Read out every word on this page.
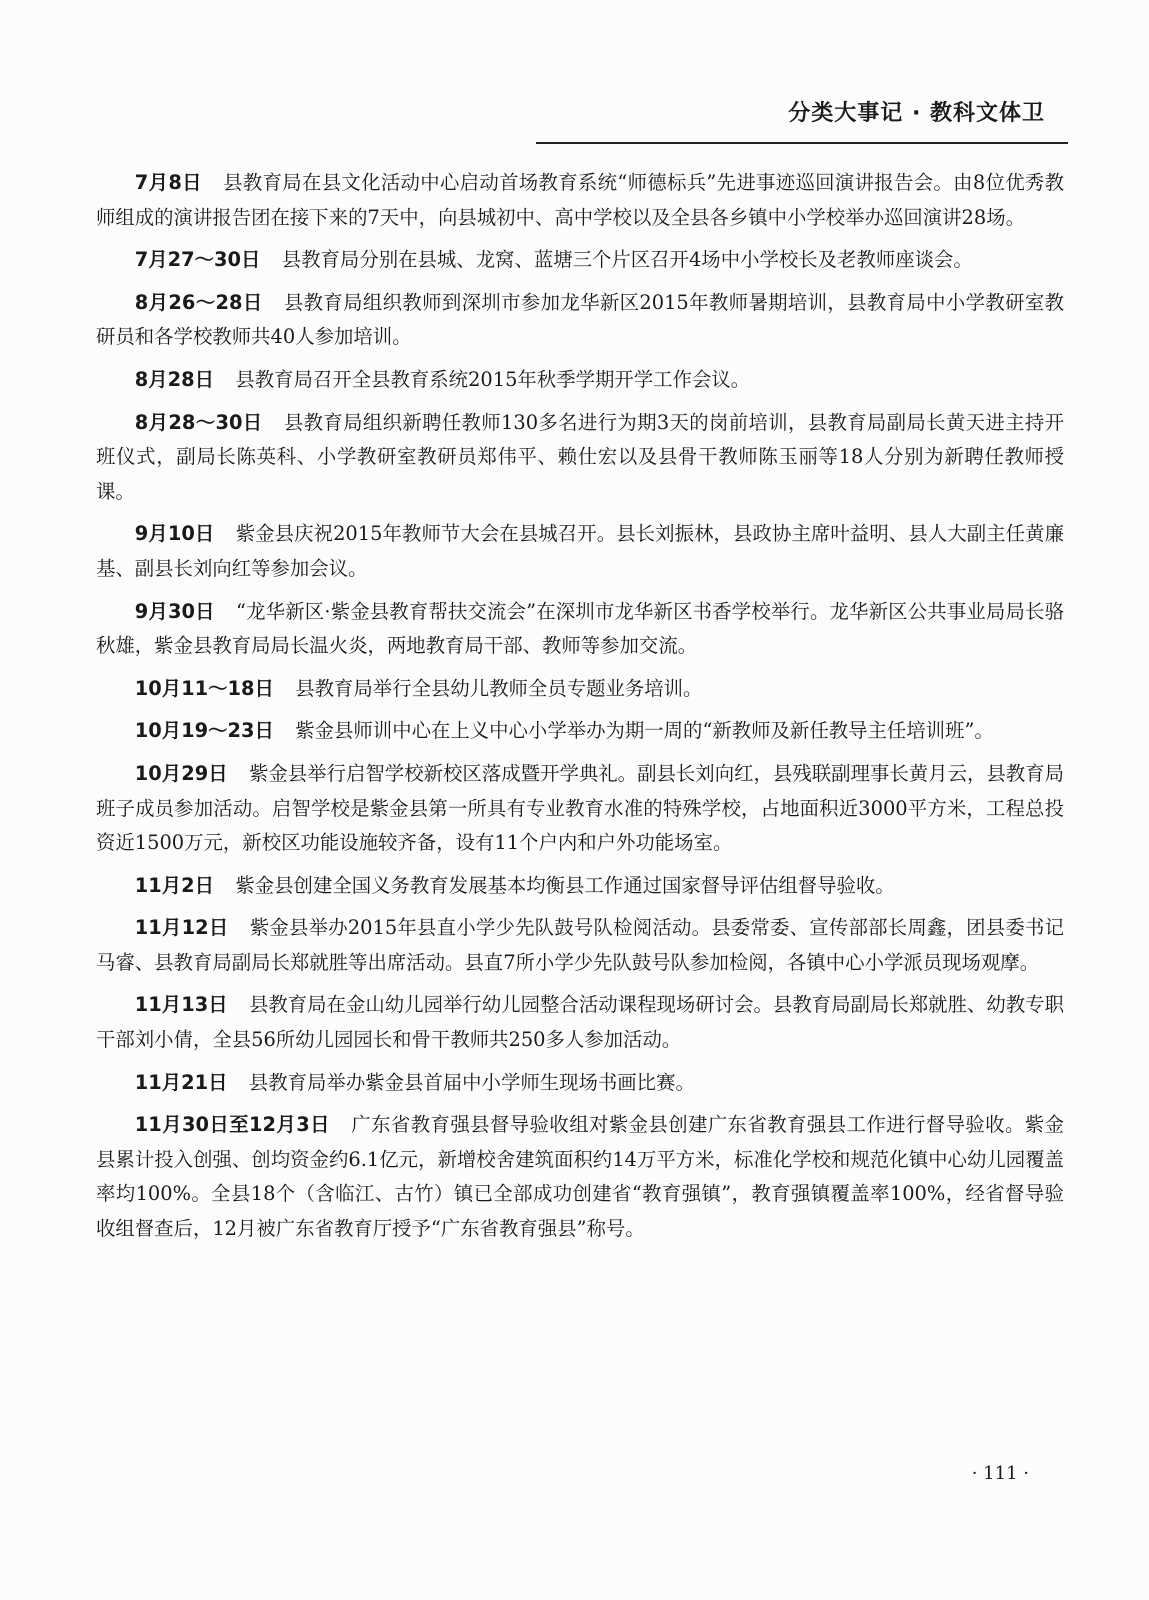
分类大事记 · 教科文体卫

7月8日 县教育局在县文化活动中心启动首场教育系统“师德标兵”先进事迹巡回演讲报告会。由8位优秀教师组成的演讲报告团在接下来的7天中，向县城初中、高中学校以及全县各乡镇中小学校举办巡回演讲28场。

7月27～30日 县教育局分别在县城、龙窝、蓝塘三个片区召开4场中小学校长及老教师座谈会。

8月26～28日 县教育局组织教师到深圳市参加龙华新区2015年教师暑期培训，县教育局中小学教研室教研员和各学校教师共40人参加培训。

8月28日 县教育局召开全县教育系统2015年秋季学期开学工作会议。

8月28～30日 县教育局组织新聘任教师130多名进行为期3天的岗前培训，县教育局副局长黄天进主持开班仪式，副局长陈英科、小学教研室教研员郑伟平、赖仕宏以及县骨干教师陈玉丽等18人分别为新聘任教师授课。

9月10日 紫金县庆祝2015年教师节大会在县城召开。县长刘振林，县政协主席叶益明、县人大副主任黄廉基、副县长刘向红等参加会议。

9月30日 “龙华新区·紫金县教育帮扶交流会”在深圳市龙华新区书香学校举行。龙华新区公共事业局局长骆秋雄，紫金县教育局局长温火炎，两地教育局干部、教师等参加交流。

10月11～18日 县教育局举行全县幼儿教师全员专题业务培训。

10月19～23日 紫金县师训中心在上义中心小学举办为期一周的“新教师及新任教导主任培训班”。

10月29日 紫金县举行启智学校新校区落成暨开学典礼。副县长刘向红，县残联副理事长黄月云，县教育局班子成员参加活动。启智学校是紫金县第一所具有专业教育水准的特殊学校，占地面积近3000平方米，工程总投资近1500万元，新校区功能设施较齐备，设有11个户内和户外功能场室。

11月2日 紫金县创建全国义务教育发展基本均衡县工作通过国家督导评估组督导验收。

11月12日 紫金县举办2015年县直小学少先队鼓号队检阅活动。县委常委、宣传部部长周鑫，团县委书记马睿、县教育局副局长郑就胜等出席活动。县直7所小学少先队鼓号队参加检阅，各镇中心小学派员现场观摩。

11月13日 县教育局在金山幼儿园举行幼儿园整合活动课程现场研讨会。县教育局副局长郑就胜、幼教专职干部刘小倩，全县56所幼儿园园长和骨干教师共250多人参加活动。

11月21日 县教育局举办紫金县首届中小学师生现场书画比赛。

11月30日至12月3日 广东省教育强县督导验收组对紫金县创建广东省教育强县工作进行督导验收。紫金县累计投入创强、创均资金约6.1亿元，新增校舍建筑面积约14万平方米，标准化学校和规范化镇中心幼儿园覆盖率均100%。全县18个（含临江、古竹）镇已全部成功创建省“教育强镇”，教育强镇覆盖率100%，经省督导验收组督查后，12月被广东省教育厅授予“广东省教育强县”称号。

· 111 ·
